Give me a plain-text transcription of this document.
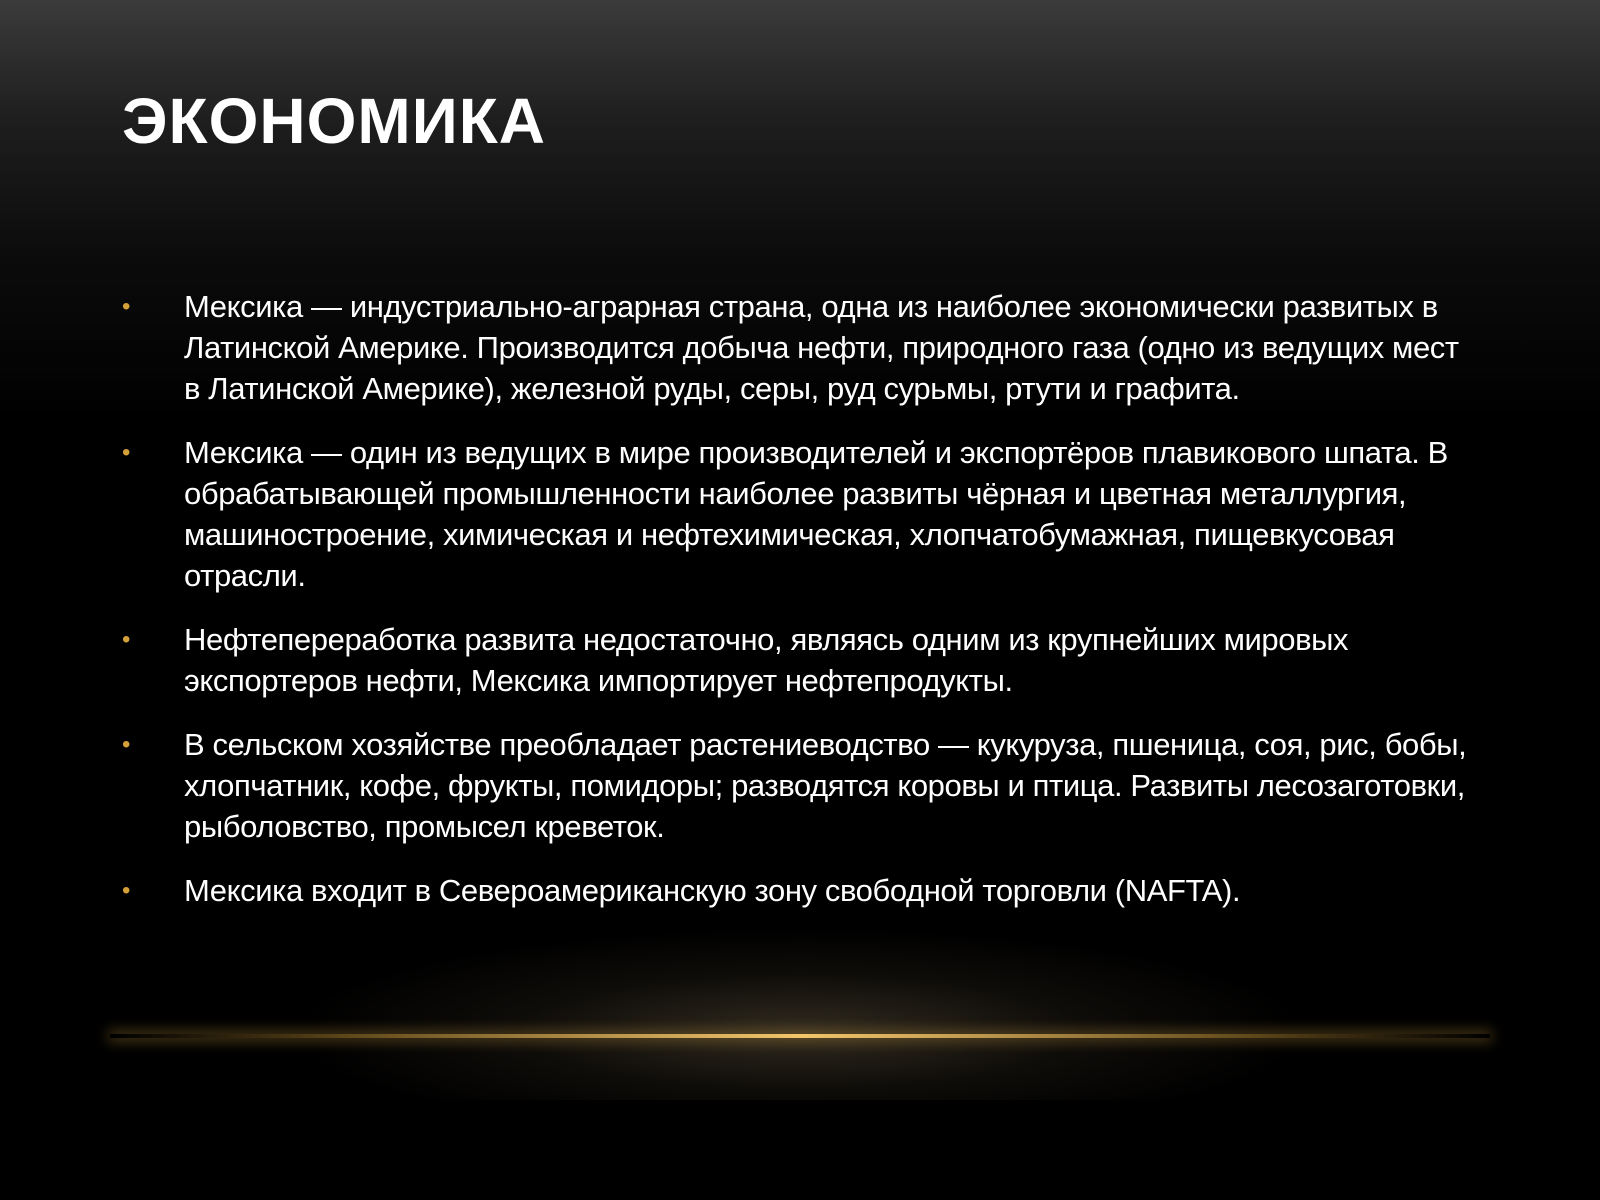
ЭКОНОМИКА
•	Мексика — индустриально-аграрная страна, одна из наиболее экономически развитых в Латинской Америке. Производится добыча нефти, природного газа (одно из ведущих мест в Латинской Америке), железной руды, серы, руд сурьмы, ртути и графита.
•	Мексика — один из ведущих в мире производителей и экспортёров плавикового шпата. В обрабатывающей промышленности наиболее развиты чёрная и цветная металлургия, машиностроение, химическая и нефтехимическая, хлопчатобумажная, пищевкусовая отрасли.
•	Нефтепереработка развита недостаточно, являясь одним из крупнейших мировых экспортеров нефти, Мексика импортирует нефтепродукты.
•	В сельском хозяйстве преобладает растениеводство — кукуруза, пшеница, соя, рис, бобы, хлопчатник, кофе, фрукты, помидоры; разводятся коровы и птица. Развиты лесозаготовки, рыболовство, промысел креветок.
•	Мексика входит в Североамериканскую зону свободной торговли (NAFTA).
